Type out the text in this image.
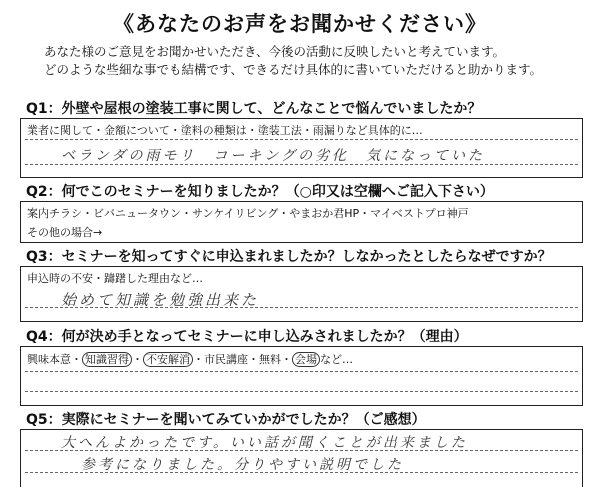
《あなたのお声をお聞かせください》
あなた様のご意見をお聞かせいただき、今後の活動に反映したいと考えています。
どのような些細な事でも結構です、できるだけ具体的に書いていただけると助かります。
Q1：外壁や屋根の塗装工事に関して、どんなことで悩んでいましたか？
業者に関して・金額について・塗料の種類は・塗装工法・雨漏りなど具体的に…
ベランダの雨モリ　コーキングの劣化　気になっていた
Q2：何でこのセミナーを知りましたか？（○印又は空欄へご記入下さい）
案内チラシ・ビバニュータウン・サンケイリビング・やまおか君HP・マイベストプロ神戸
その他の場合→
Q3：セミナーを知ってすぐに申込まれましたか？しなかったとしたらなぜですか？
申込時の不安・躊躇した理由など…
始めて知識を勉強出来た
Q4：何が決め手となってセミナーに申し込みされましたか？（理由）
興味本意・ 知識習得 ・ 不安解消 ・市民講座・無料・ 会場 など…
Q5：実際にセミナーを聞いてみていかがでしたか？（ご感想）
大へんよかったです。いい話が聞くことが出来ました
参考になりました。分りやすい説明でした
